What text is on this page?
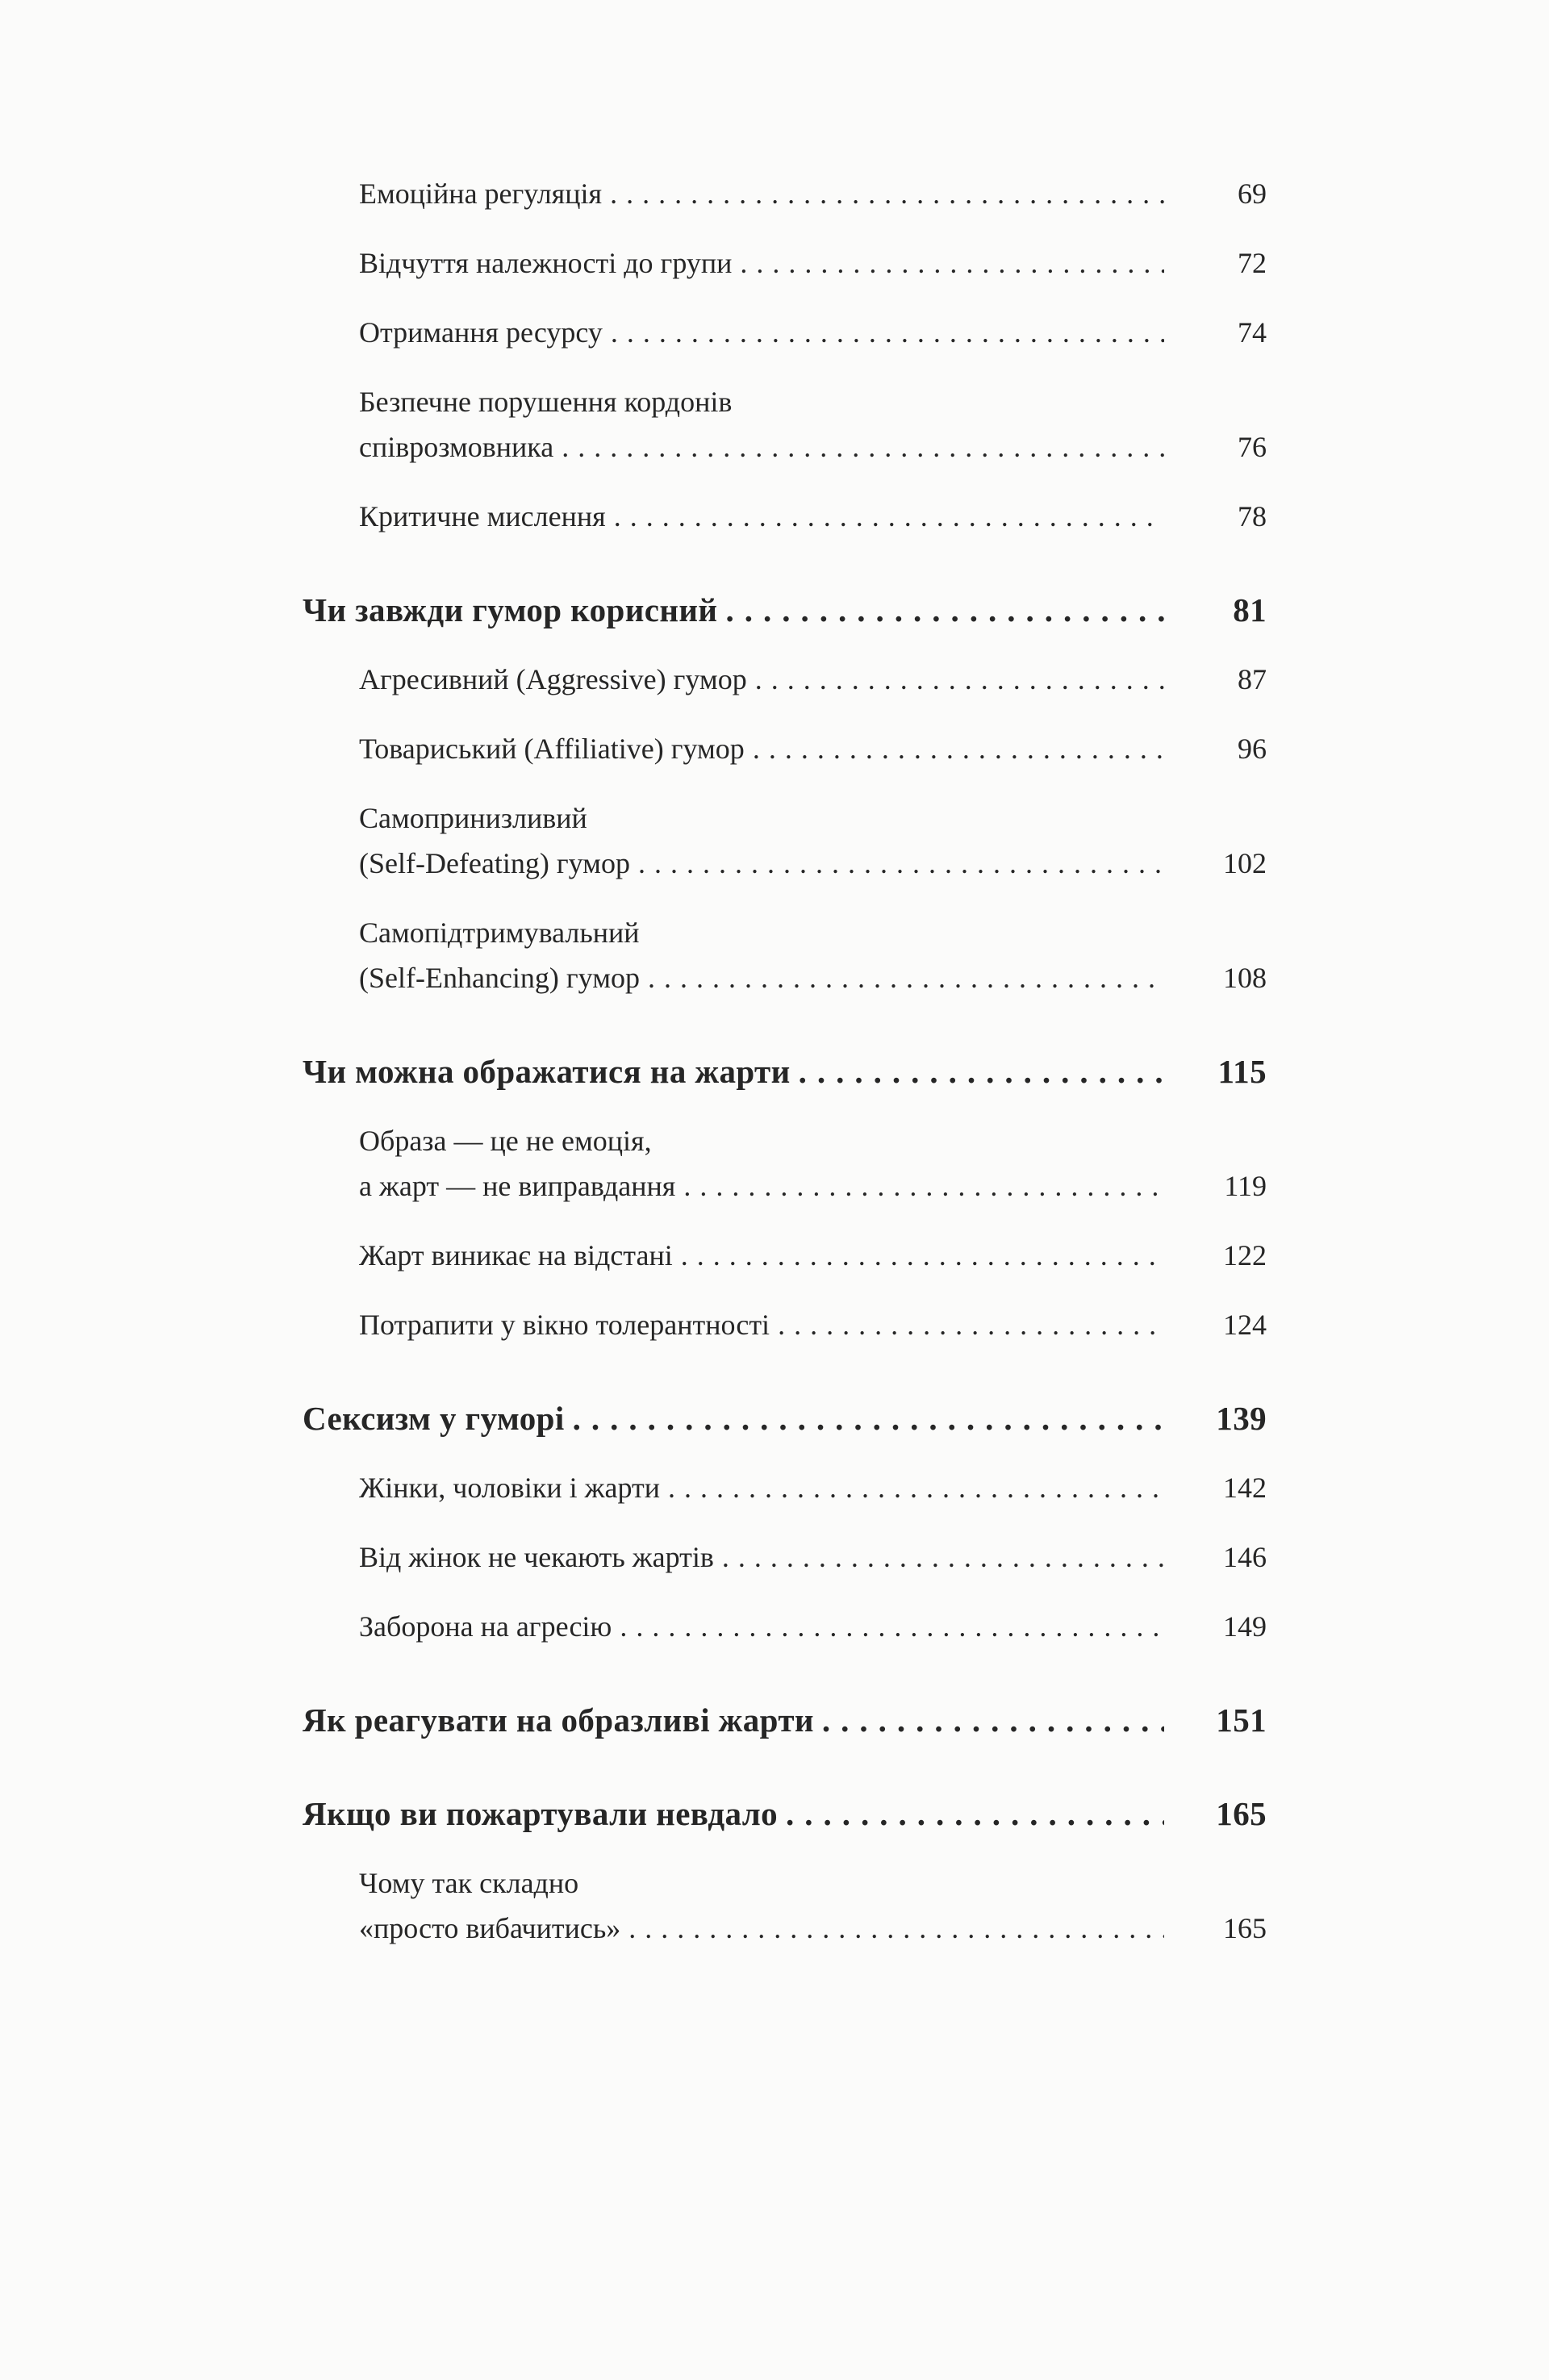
Емоційна регуляція .....	69
Відчуття належності до групи .....	72
Отримання ресурсу .....	74
Безпечне порушення кордонів
співрозмовника .....	76
Критичне мислення .....	78
Чи завжди гумор корисний .....	81
Агресивний (Aggressive) гумор .....	87
Товариський (Affiliative) гумор .....	96
Самопринизливий
(Self-Defeating) гумор .....	102
Самопідтримувальний
(Self-Enhancing) гумор .....	108
Чи можна ображатися на жарти .....	115
Образа — це не емоція,
а жарт — не виправдання .....	119
Жарт виникає на відстані .....	122
Потрапити у вікно толерантності .....	124
Сексизм у гуморі .....	139
Жінки, чоловіки і жарти .....	142
Від жінок не чекають жартів .....	146
Заборона на агресію .....	149
Як реагувати на образливі жарти .....	151
Якщо ви пожартували невдало .....	165
Чому так складно
«просто вибачитись» .....	165
